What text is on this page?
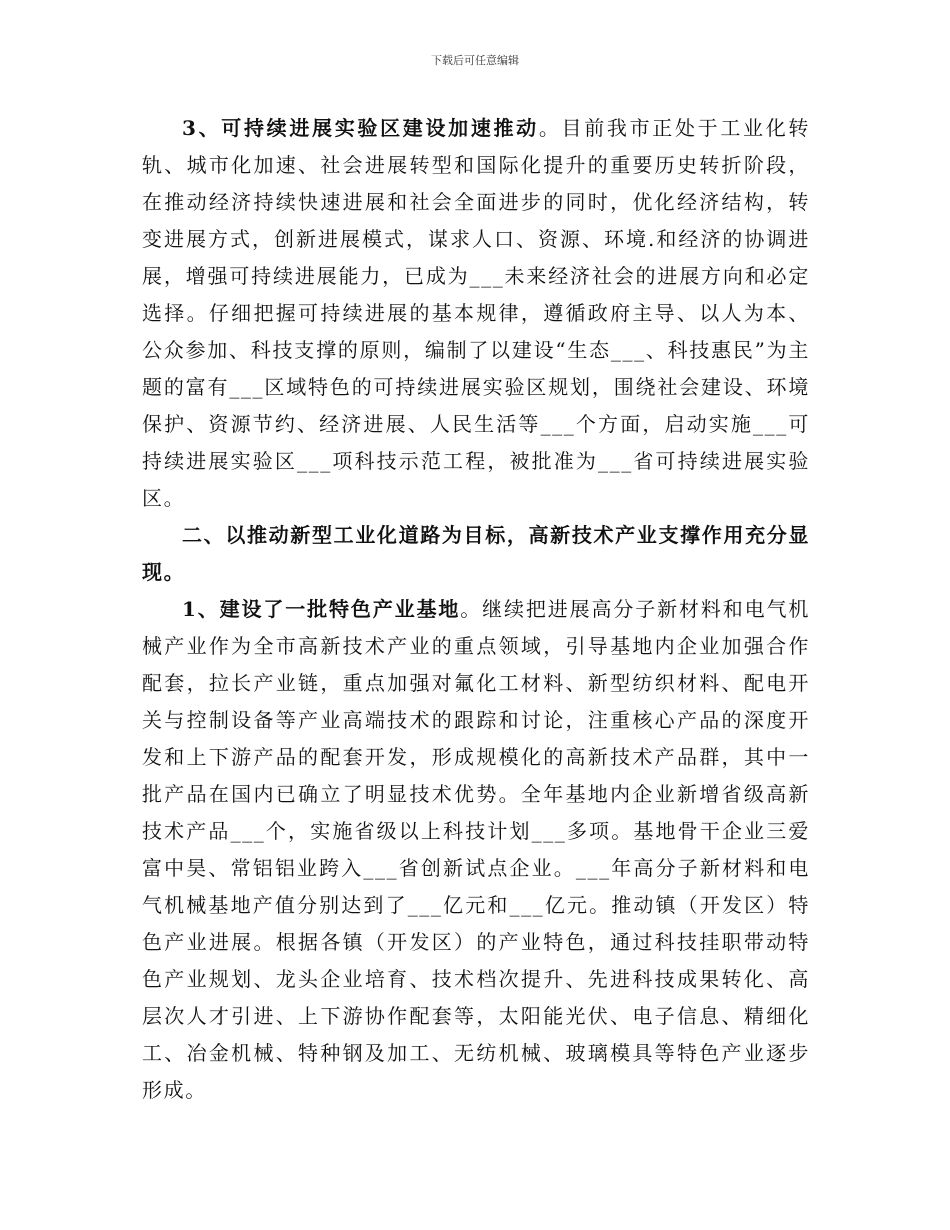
下载后可任意编辑

3、可持续进展实验区建设加速推动。目前我市正处于工业化转轨、城市化加速、社会进展转型和国际化提升的重要历史转折阶段，在推动经济持续快速进展和社会全面进步的同时，优化经济结构，转变进展方式，创新进展模式，谋求人口、资源、环境.和经济的协调进展，增强可持续进展能力，已成为___未来经济社会的进展方向和必定选择。仔细把握可持续进展的基本规律，遵循政府主导、以人为本、公众参加、科技支撑的原则，编制了以建设“生态___、科技惠民”为主题的富有___区域特色的可持续进展实验区规划，围绕社会建设、环境保护、资源节约、经济进展、人民生活等___个方面，启动实施___可持续进展实验区___项科技示范工程，被批准为___省可持续进展实验区。

二、以推动新型工业化道路为目标，高新技术产业支撑作用充分显现。

1、建设了一批特色产业基地。继续把进展高分子新材料和电气机械产业作为全市高新技术产业的重点领域，引导基地内企业加强合作配套，拉长产业链，重点加强对氟化工材料、新型纺织材料、配电开关与控制设备等产业高端技术的跟踪和讨论，注重核心产品的深度开发和上下游产品的配套开发，形成规模化的高新技术产品群，其中一批产品在国内已确立了明显技术优势。全年基地内企业新增省级高新技术产品___个，实施省级以上科技计划___多项。基地骨干企业三爱富中昊、常铝铝业跨入___省创新试点企业。___年高分子新材料和电气机械基地产值分别达到了___亿元和___亿元。推动镇（开发区）特色产业进展。根据各镇（开发区）的产业特色，通过科技挂职带动特色产业规划、龙头企业培育、技术档次提升、先进科技成果转化、高层次人才引进、上下游协作配套等，太阳能光伏、电子信息、精细化工、冶金机械、特种钢及加工、无纺机械、玻璃模具等特色产业逐步形成。
